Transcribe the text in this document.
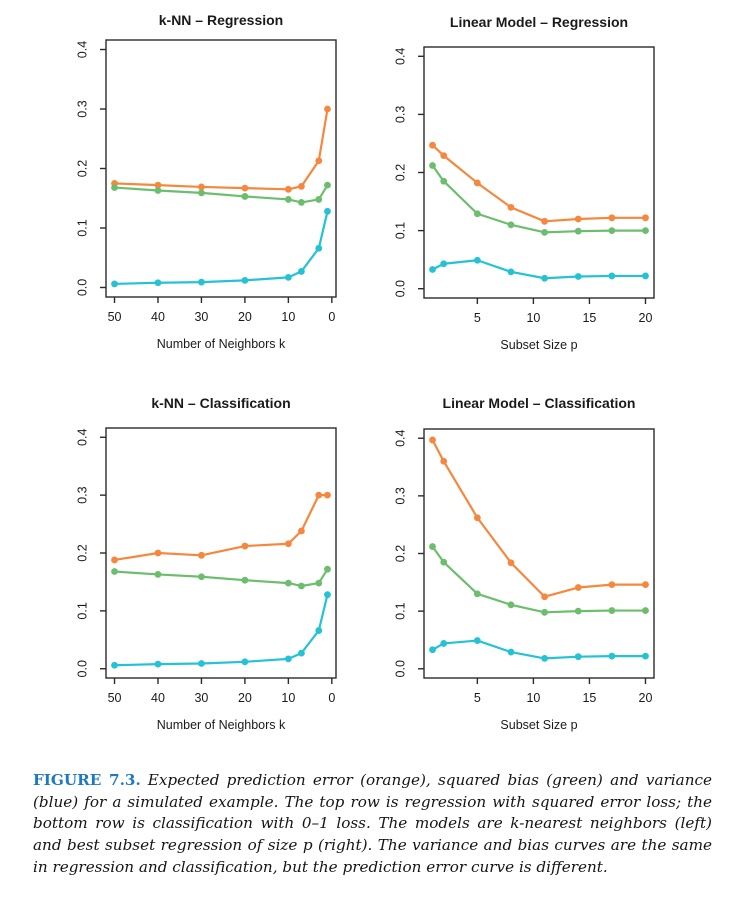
k-NN – Regression
0.0
0.1
0.2
0.3
0.4
50 40 30 20 10	0
Number of Neighbors k
Linear Model – Regression
0.0
0.1
0.2
0.3
0.4
5	10	15	20
Subset Size p
k-NN – Classification
0.0
0.1
0.2
0.3
0.4
50 40 30 20 10	0
Number of Neighbors k
Linear Model – Classification
0.0
0.1
0.2
0.3
0.4
5	10	15	20
Subset Size p

FIGURE 7.3. Expected prediction error (orange), squared bias (green) and variance (blue) for a simulated example. The top row is regression with squared error loss; the bottom row is classification with 0–1 loss. The models are k-nearest neighbors (left) and best subset regression of size p (right). The variance and bias curves are the same in regression and classification, but the prediction error curve is different.
